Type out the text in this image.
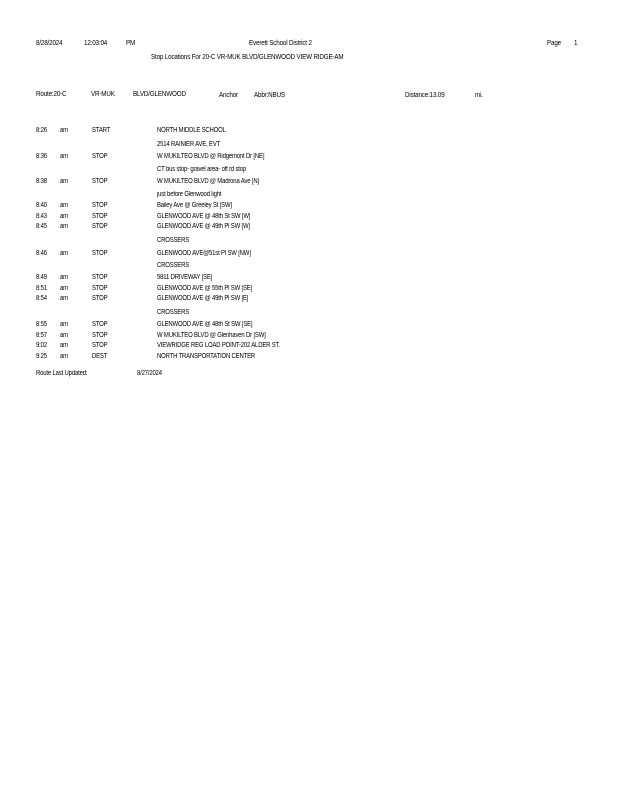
8/28/2024	12:03:04	PM	Everett School District 2	Page 1
Stop Locations For 20-C VR-MUK BLVD/GLENWOOD VIEW RIDGE-AM
Route:20-C	VR-MUK BLVD/GLENWOOD	Anchor Abbr:NBUS	Distance:13.09	mi.
8:26 am	START	NORTH MIDDLE SCHOOL
2514 RAINIER AVE, EVT
8:36 am	STOP	W MUKILTEO BLVD @ Ridgemont Dr [NE]
CT bus stop- gravel area- off rd stop
8:38 am	STOP	W MUKILTEO BLVD @ Madrona Ave [N]
just before Glenwood light
8:40 am	STOP	Bailey Ave @ Greeley St [SW]
8:43 am	STOP	GLENWOOD AVE @ 48th St SW [W]
8:45 am	STOP	GLENWOOD AVE @ 49th Pl SW [W]
CROSSERS
8:46 am	STOP	GLENWOOD AVE@51st Pl SW [NW]
CROSSERS
8:49 am	STOP	5811 DRIVEWAY [SE]
8:51 am	STOP	GLENWOOD AVE @ 55th Pl SW [SE]
8:54 am	STOP	GLENWOOD AVE @ 49th Pl SW [E]
CROSSERS
8:55 am	STOP	GLENWOOD AVE @ 48th St SW [SE]
8:57 am	STOP	W MUKILTEO BLVD @ Glenhaven Dr [SW]
9:02 am	STOP	VIEWRIDGE REG LOAD POINT-202 ALDER ST.
9:25 am	DEST	NORTH TRANSPORTATION CENTER
Route Last Updated:	8/27/2024
